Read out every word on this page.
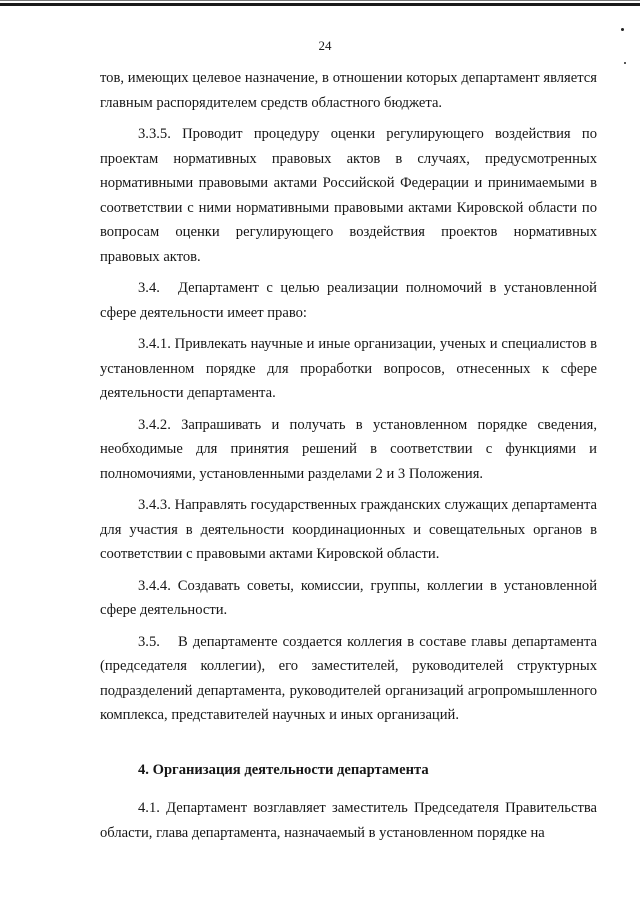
24

тов, имеющих целевое назначение, в отношении которых департамент является главным распорядителем средств областного бюджета.

3.3.5. Проводит процедуру оценки регулирующего воздействия по проектам нормативных правовых актов в случаях, предусмотренных нормативными правовыми актами Российской Федерации и принимаемыми в соответствии с ними нормативными правовыми актами Кировской области по вопросам оценки регулирующего воздействия проектов нормативных правовых актов.

3.4. Департамент с целью реализации полномочий в установленной сфере деятельности имеет право:

3.4.1. Привлекать научные и иные организации, ученых и специалистов в установленном порядке для проработки вопросов, отнесенных к сфере деятельности департамента.

3.4.2. Запрашивать и получать в установленном порядке сведения, необходимые для принятия решений в соответствии с функциями и полномочиями, установленными разделами 2 и 3 Положения.

3.4.3. Направлять государственных гражданских служащих департамента для участия в деятельности координационных и совещательных органов в соответствии с правовыми актами Кировской области.

3.4.4. Создавать советы, комиссии, группы, коллегии в установленной сфере деятельности.

3.5. В департаменте создается коллегия в составе главы департамента (председателя коллегии), его заместителей, руководителей структурных подразделений департамента, руководителей организаций агропромышленного комплекса, представителей научных и иных организаций.

4. Организация деятельности департамента

4.1. Департамент возглавляет заместитель Председателя Правительства области, глава департамента, назначаемый в установленном порядке на
